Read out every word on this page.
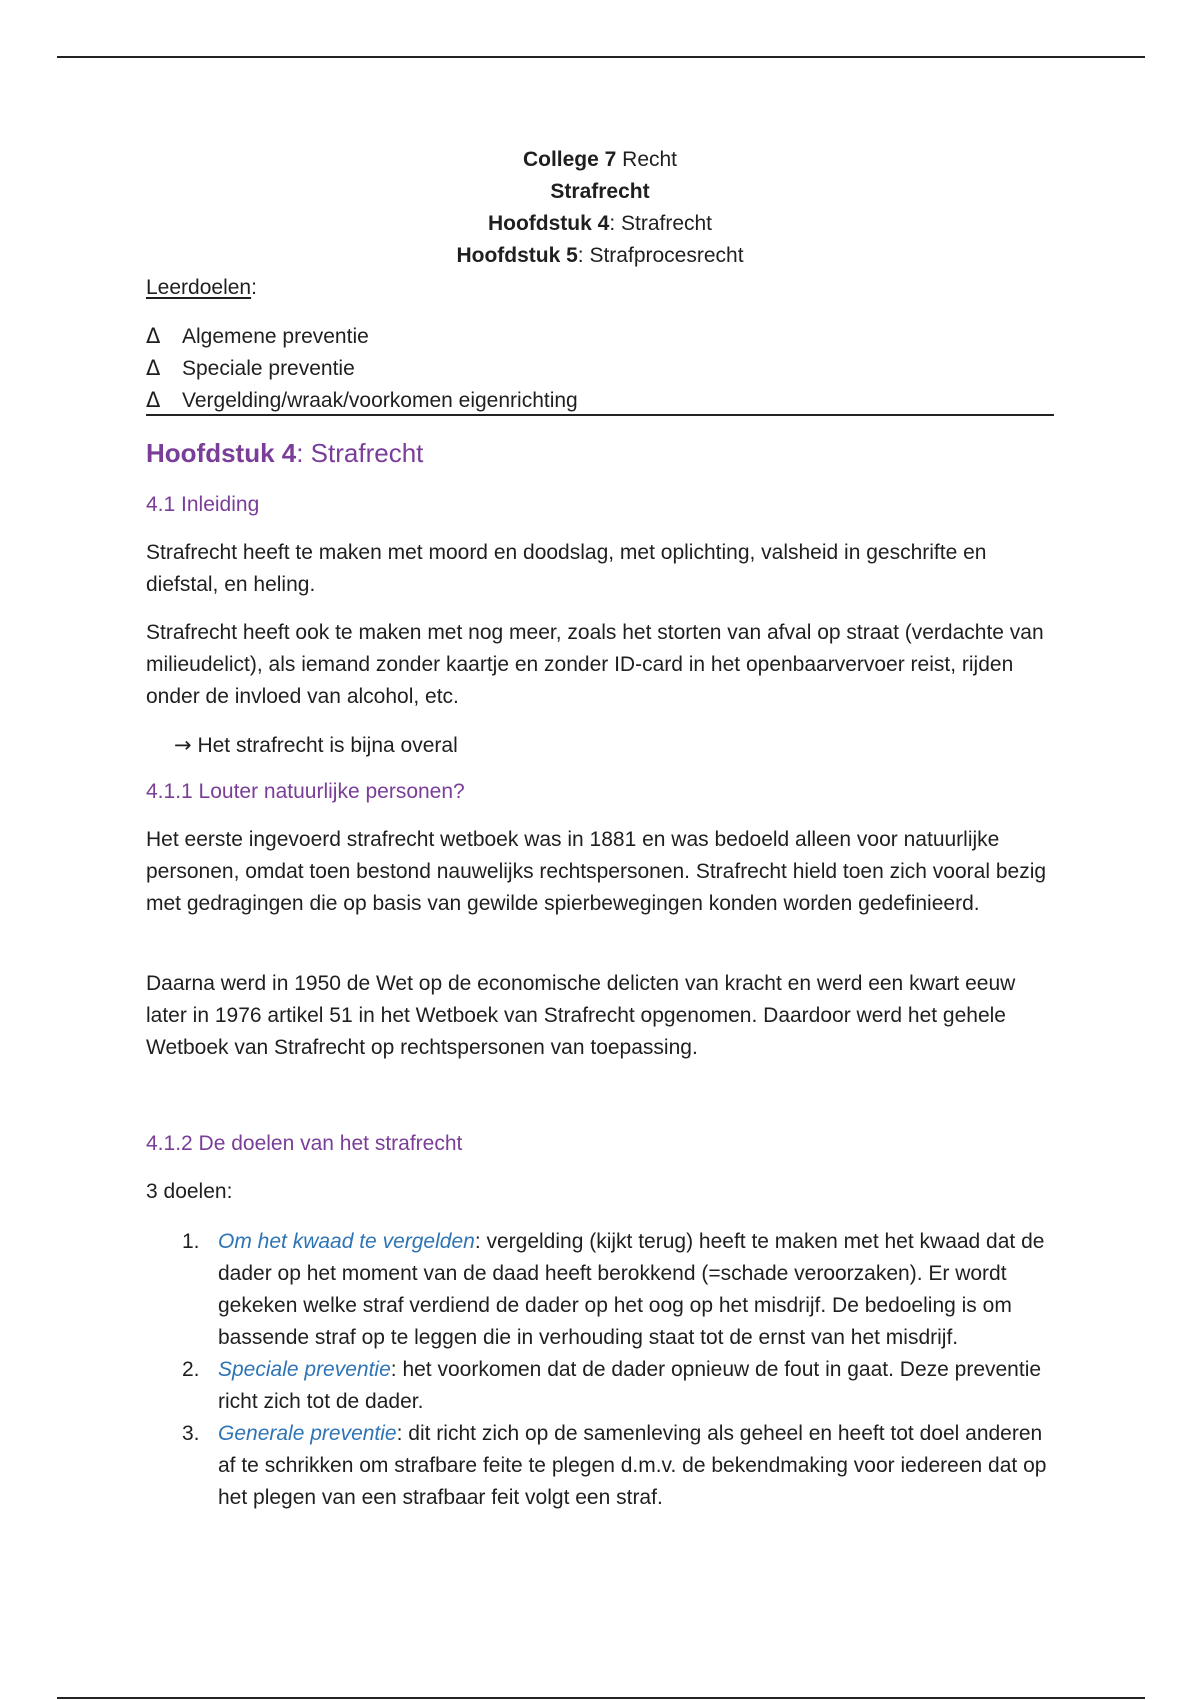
College 7 Recht
Strafrecht
Hoofdstuk 4: Strafrecht
Hoofdstuk 5: Strafprocesrecht
Leerdoelen:
Δ Algemene preventie
Δ Speciale preventie
Δ Vergelding/wraak/voorkomen eigenrichting
Hoofdstuk 4: Strafrecht
4.1 Inleiding
Strafrecht heeft te maken met moord en doodslag, met oplichting, valsheid in geschrifte en diefstal, en heling.
Strafrecht heeft ook te maken met nog meer, zoals het storten van afval op straat (verdachte van milieudelict), als iemand zonder kaartje en zonder ID-card in het openbaarvervoer reist, rijden onder de invloed van alcohol, etc.
→ Het strafrecht is bijna overal
4.1.1 Louter natuurlijke personen?
Het eerste ingevoerd strafrecht wetboek was in 1881 en was bedoeld alleen voor natuurlijke personen, omdat toen bestond nauwelijks rechtspersonen. Strafrecht hield toen zich vooral bezig met gedragingen die op basis van gewilde spierbewegingen konden worden gedefinieerd.
Daarna werd in 1950 de Wet op de economische delicten van kracht en werd een kwart eeuw later in 1976 artikel 51 in het Wetboek van Strafrecht opgenomen. Daardoor werd het gehele Wetboek van Strafrecht op rechtspersonen van toepassing.
4.1.2 De doelen van het strafrecht
3 doelen:
1. Om het kwaad te vergelden: vergelding (kijkt terug) heeft te maken met het kwaad dat de dader op het moment van de daad heeft berokkend (=schade veroorzaken). Er wordt gekeken welke straf verdiend de dader op het oog op het misdrijf. De bedoeling is om bassende straf op te leggen die in verhouding staat tot de ernst van het misdrijf.
2. Speciale preventie: het voorkomen dat de dader opnieuw de fout in gaat. Deze preventie richt zich tot de dader.
3. Generale preventie: dit richt zich op de samenleving als geheel en heeft tot doel anderen af te schrikken om strafbare feite te plegen d.m.v. de bekendmaking voor iedereen dat op het plegen van een strafbaar feit volgt een straf.
